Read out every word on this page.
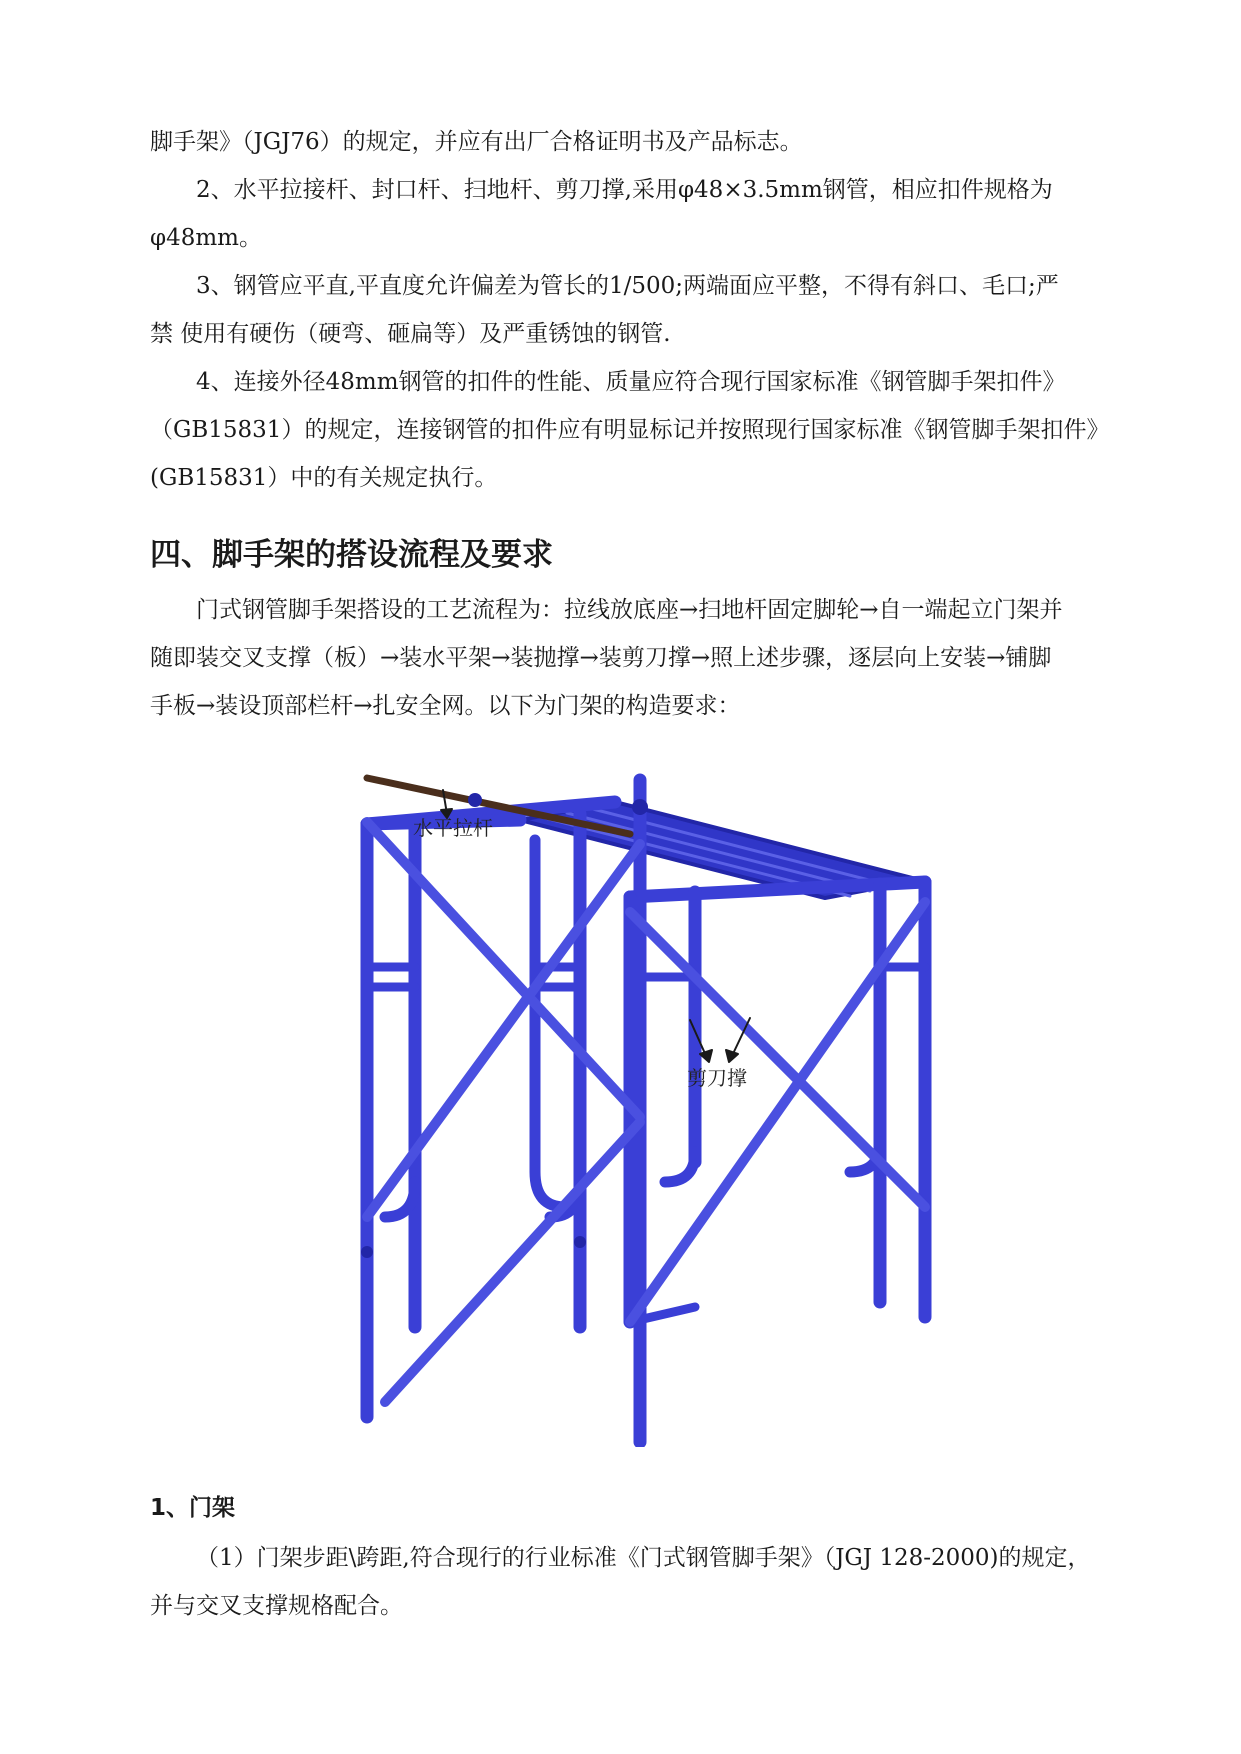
脚手架》（JGJ76）的规定，并应有出厂合格证明书及产品标志。
2、水平拉接杆、封口杆、扫地杆、剪刀撑,采用φ48×3.5mm钢管，相应扣件规格为
φ48mm。
3、钢管应平直,平直度允许偏差为管长的1/500;两端面应平整，不得有斜口、毛口;严
禁 使用有硬伤（硬弯、砸扁等）及严重锈蚀的钢管.
4、连接外径48mm钢管的扣件的性能、质量应符合现行国家标准《钢管脚手架扣件》
（GB15831）的规定，连接钢管的扣件应有明显标记并按照现行国家标准《钢管脚手架扣件》
(GB15831）中的有关规定执行。
四、脚手架的搭设流程及要求
门式钢管脚手架搭设的工艺流程为：拉线放底座→扫地杆固定脚轮→自一端起立门架并
随即装交叉支撑（板）→装水平架→装抛撑→装剪刀撑→照上述步骤，逐层向上安装→铺脚
手板→装设顶部栏杆→扎安全网。以下为门架的构造要求：
水平拉杆
剪刀撑
1、门架
（1）门架步距\跨距,符合现行的行业标准《门式钢管脚手架》（JGJ 128-2000)的规定，
并与交叉支撑规格配合。
